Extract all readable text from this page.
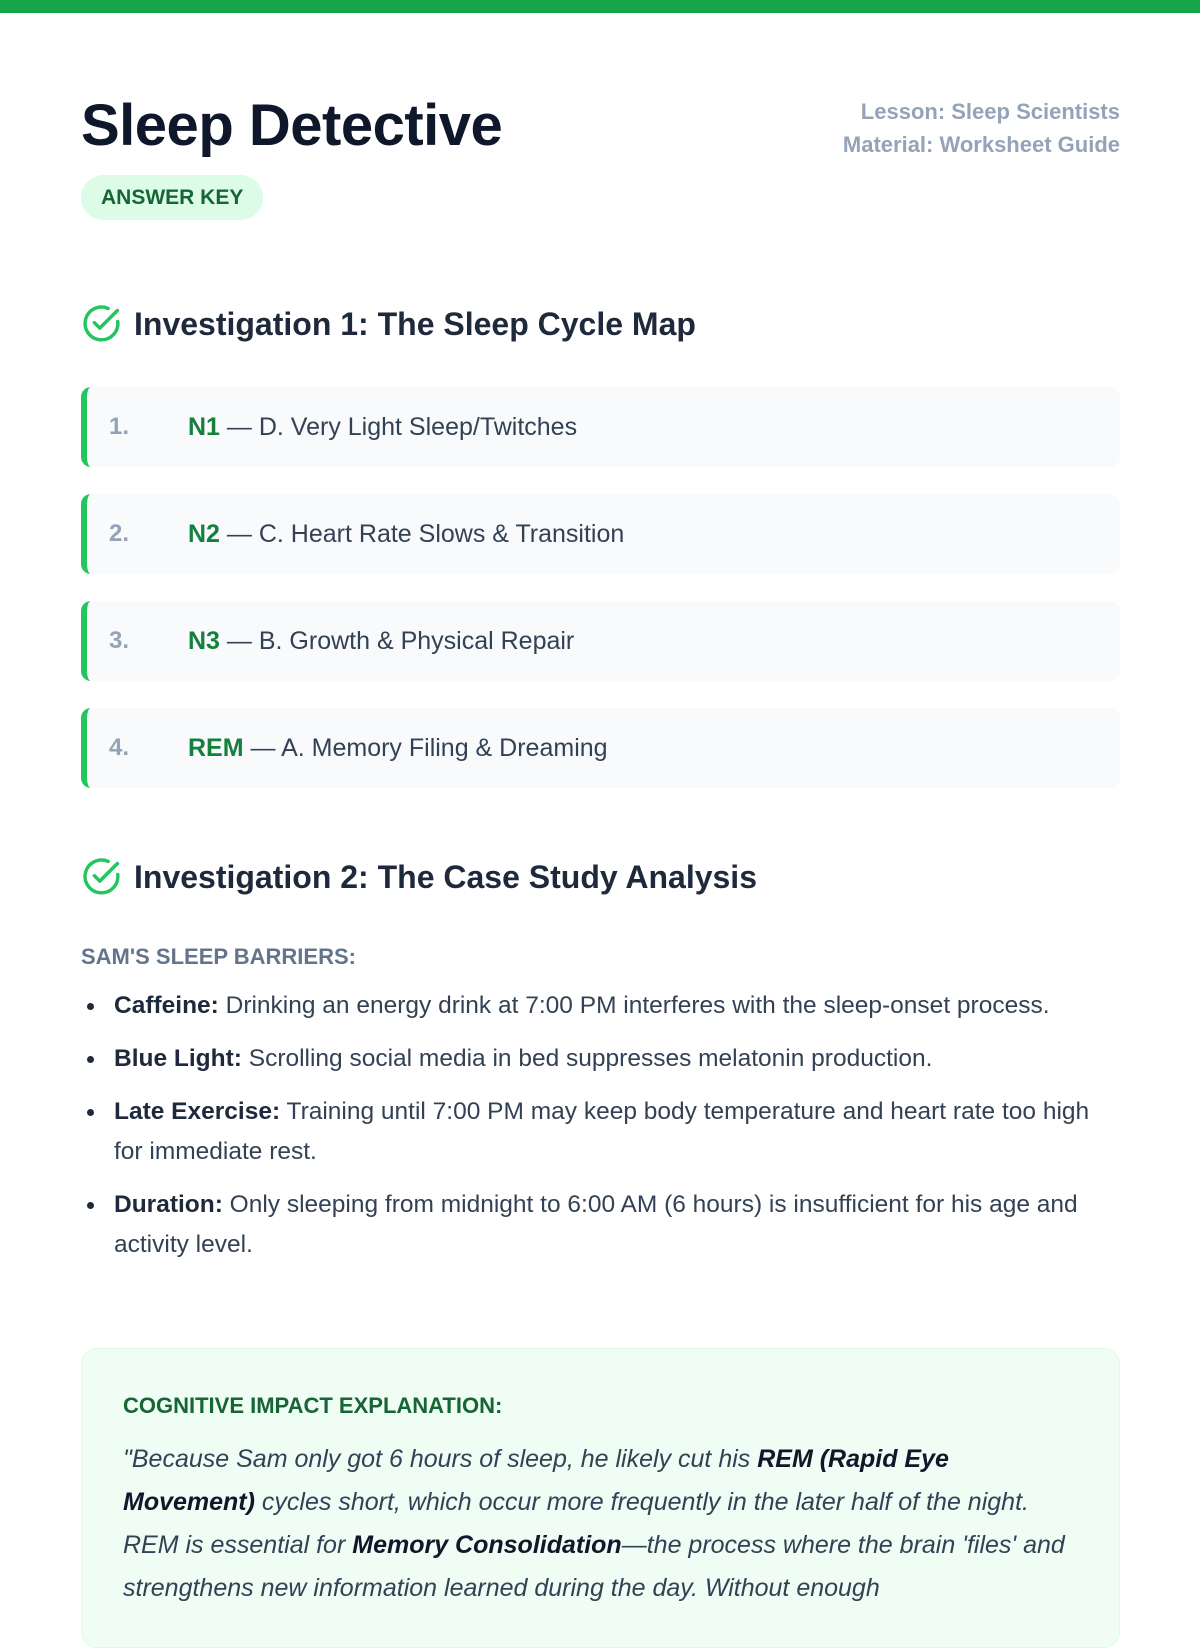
Sleep Detective
ANSWER KEY
Lesson: Sleep Scientists
Material: Worksheet Guide
Investigation 1: The Sleep Cycle Map
1. N1 — D. Very Light Sleep/Twitches
2. N2 — C. Heart Rate Slows & Transition
3. N3 — B. Growth & Physical Repair
4. REM — A. Memory Filing & Dreaming
Investigation 2: The Case Study Analysis
SAM'S SLEEP BARRIERS:
Caffeine: Drinking an energy drink at 7:00 PM interferes with the sleep-onset process.
Blue Light: Scrolling social media in bed suppresses melatonin production.
Late Exercise: Training until 7:00 PM may keep body temperature and heart rate too high for immediate rest.
Duration: Only sleeping from midnight to 6:00 AM (6 hours) is insufficient for his age and activity level.
COGNITIVE IMPACT EXPLANATION:

"Because Sam only got 6 hours of sleep, he likely cut his REM (Rapid Eye Movement) cycles short, which occur more frequently in the later half of the night. REM is essential for Memory Consolidation—the process where the brain 'files' and strengthens new information learned during the day. Without enough
